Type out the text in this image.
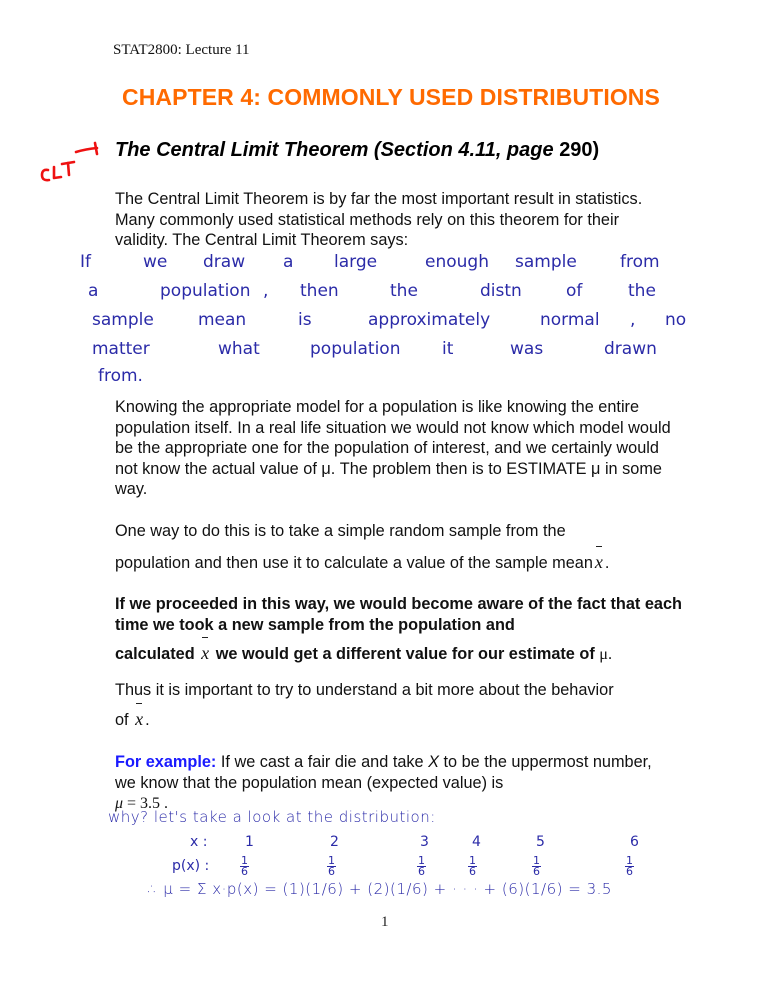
STAT2800: Lecture 11
CHAPTER 4: COMMONLY USED DISTRIBUTIONS
The Central Limit Theorem (Section 4.11, page 290)
The Central Limit Theorem is by far the most important result in statistics. Many commonly used statistical methods rely on this theorem for their validity. The Central Limit Theorem says:
If	we draw a large	enough sample	from
a	population , then	the	distn	of	the
sample	mean	is	approximately	normal , no
matter	what	population it	was	drawn
from.
Knowing the appropriate model for a population is like knowing the entire population itself. In a real life situation we would not know which model would be the appropriate one for the population of interest, and we certainly would not know the actual value of μ. The problem then is to ESTIMATE μ in some way.
One way to do this is to take a simple random sample from the
population and then use it to calculate a value of the sample mean x .
If we proceeded in this way, we would become aware of the fact that each time we took a new sample from the population and
calculated x we would get a different value for our estimate of μ.
Thus it is important to try to understand a bit more about the behavior
of x .
For example: If we cast a fair die and take X to be the uppermost number, we know that the population mean (expected value) is
μ = 3.5 .
why? let's take a look at the distribution:
x :	1	2	3	4	5	6
p(x) :	$\frac{1}{6}$	$\frac{1}{6}$	$\frac{1}{6}$	$\frac{1}{6}$	$\frac{1}{6}$	$\frac{1}{6}$
∴ μ = Σ x·p(x) = (1)(1/6) + (2)(1/6) + · · · + (6)(1/6) = 3.5
1
